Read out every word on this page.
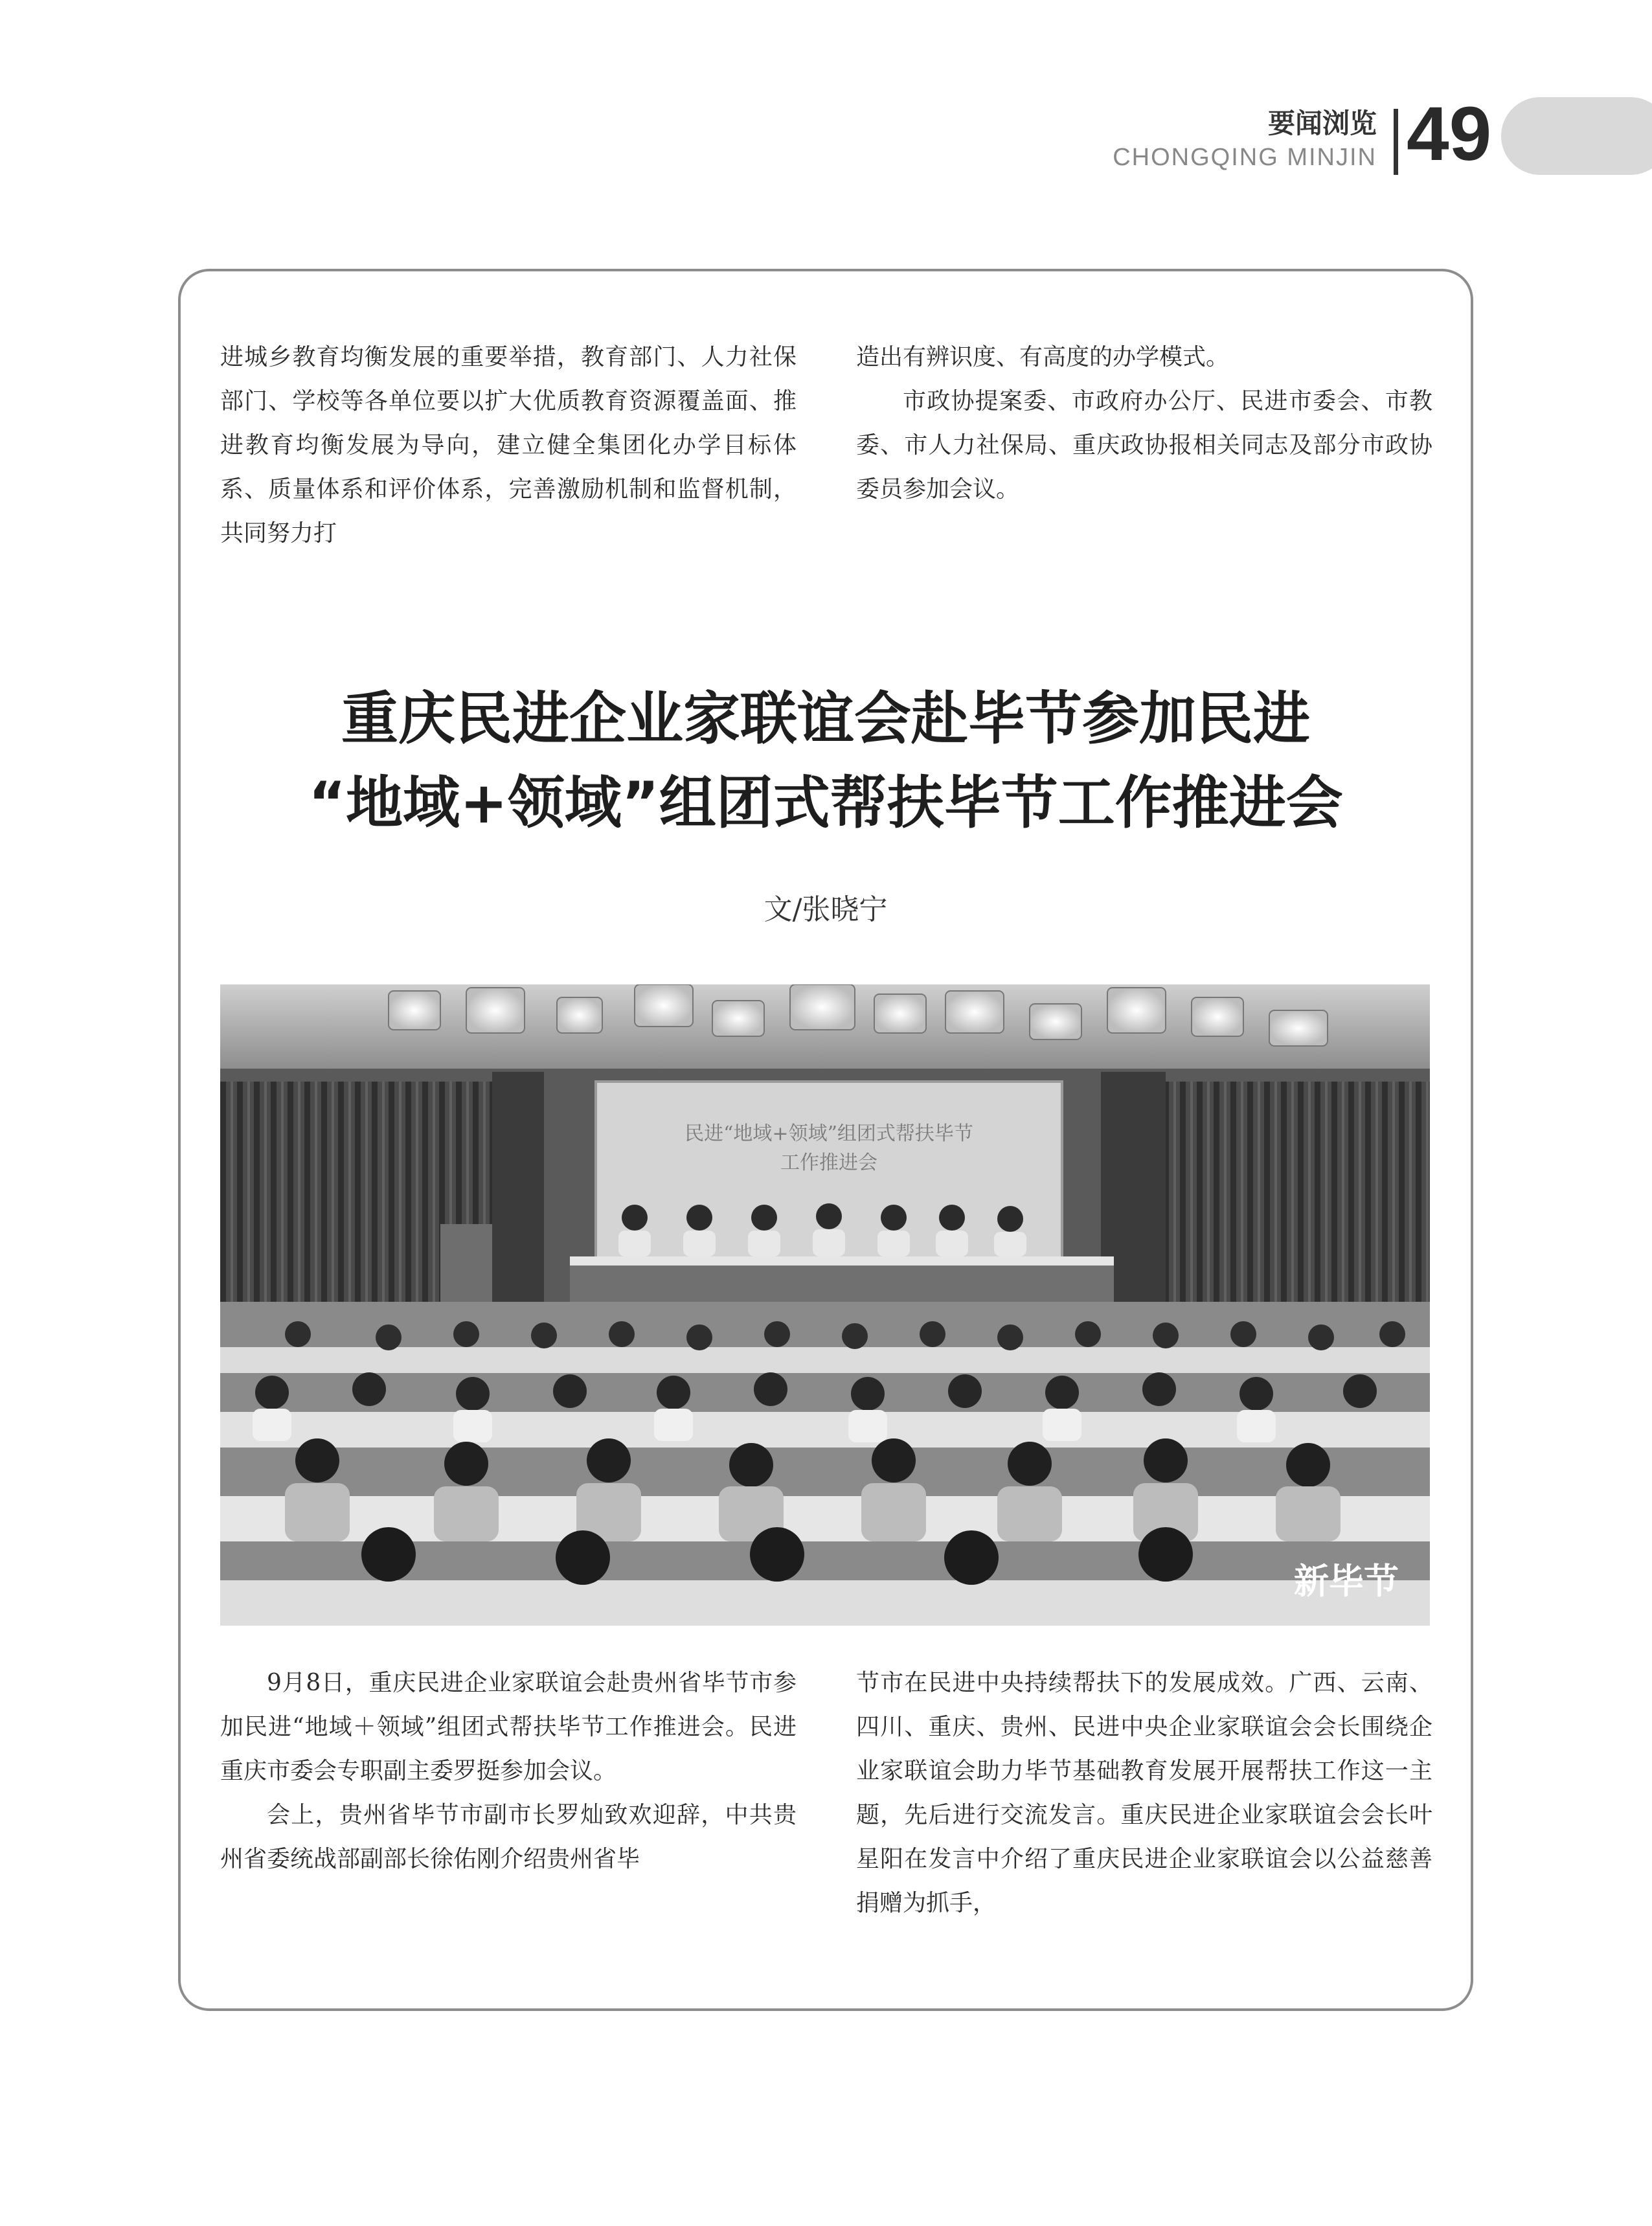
要闻浏览
CHONGQING MINJIN 49

进城乡教育均衡发展的重要举措，教育部门、人力社保部门、学校等各单位要以扩大优质教育资源覆盖面、推进教育均衡发展为导向，建立健全集团化办学目标体系、质量体系和评价体系，完善激励机制和监督机制，共同努力打

造出有辨识度、有高度的办学模式。

市政协提案委、市政府办公厅、民进市委会、市教委、市人力社保局、重庆政协报相关同志及部分市政协委员参加会议。

重庆民进企业家联谊会赴毕节参加民进
“地域+领域”组团式帮扶毕节工作推进会
文/张晓宁
民进“地域+领域”组团式帮扶毕节
工作推进会
新毕节

9月8日，重庆民进企业家联谊会赴贵州省毕节市参加民进“地域＋领域”组团式帮扶毕节工作推进会。民进重庆市委会专职副主委罗挺参加会议。

会上，贵州省毕节市副市长罗灿致欢迎辞，中共贵州省委统战部副部长徐佑刚介绍贵州省毕

节市在民进中央持续帮扶下的发展成效。广西、云南、四川、重庆、贵州、民进中央企业家联谊会会长围绕企业家联谊会助力毕节基础教育发展开展帮扶工作这一主题，先后进行交流发言。重庆民进企业家联谊会会长叶星阳在发言中介绍了重庆民进企业家联谊会以公益慈善捐赠为抓手，
